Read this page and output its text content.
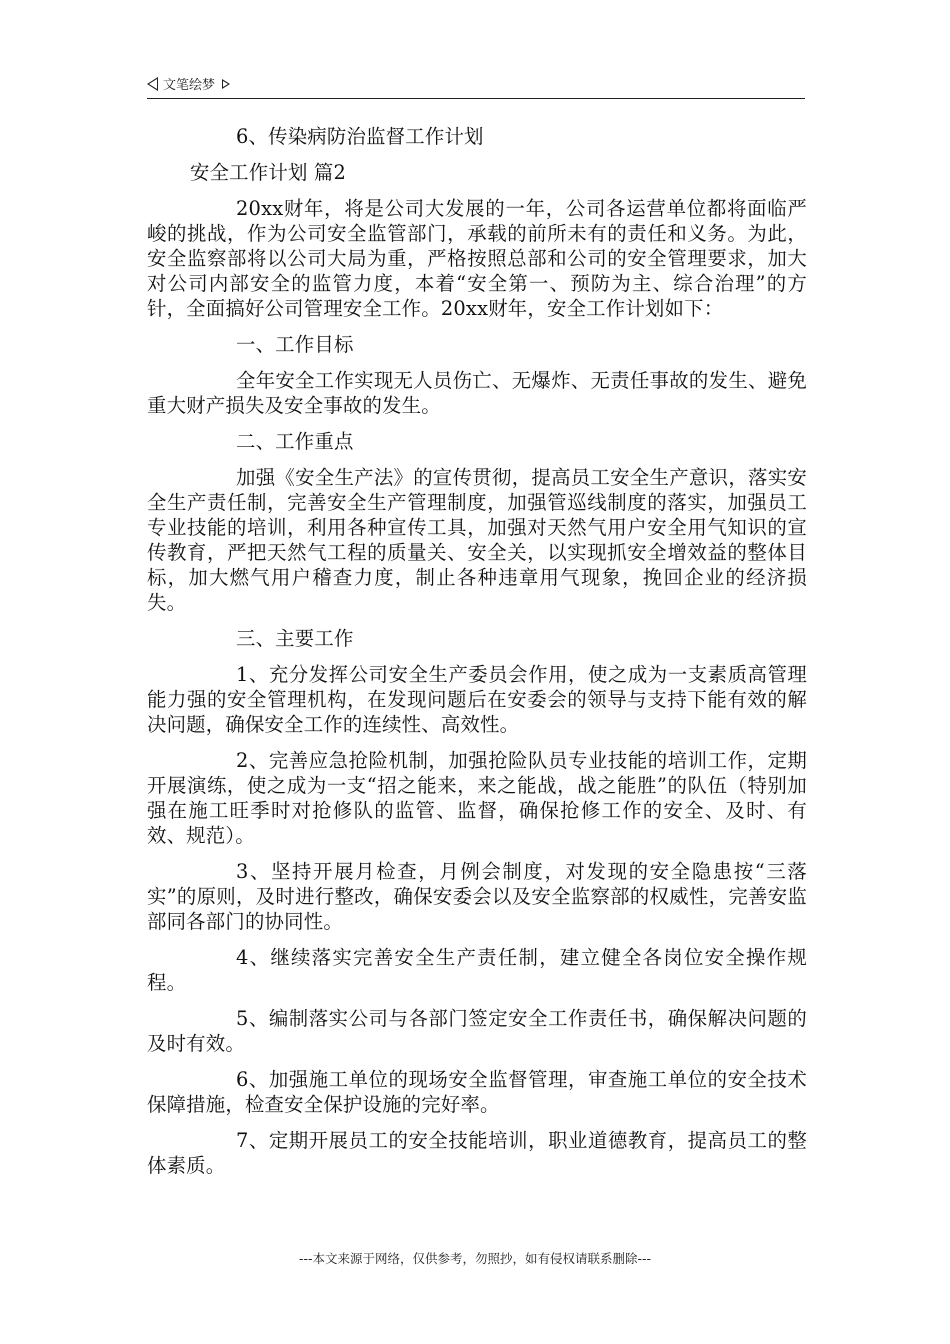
文笔绘梦

6、传染病防治监督工作计划

安全工作计划 篇2

20xx财年，将是公司大发展的一年，公司各运营单位都将面临严峻的挑战，作为公司安全监管部门，承载的前所未有的责任和义务。为此，安全监察部将以公司大局为重，严格按照总部和公司的安全管理要求，加大对公司内部安全的监管力度，本着“安全第一、预防为主、综合治理”的方针，全面搞好公司管理安全工作。20xx财年，安全工作计划如下：

一、工作目标

全年安全工作实现无人员伤亡、无爆炸、无责任事故的发生、避免重大财产损失及安全事故的发生。

二、工作重点

加强《安全生产法》的宣传贯彻，提高员工安全生产意识，落实安全生产责任制，完善安全生产管理制度，加强管巡线制度的落实，加强员工专业技能的培训，利用各种宣传工具，加强对天然气用户安全用气知识的宣传教育，严把天然气工程的质量关、安全关，以实现抓安全增效益的整体目标，加大燃气用户稽查力度，制止各种违章用气现象，挽回企业的经济损失。

三、主要工作

1、充分发挥公司安全生产委员会作用，使之成为一支素质高管理能力强的安全管理机构，在发现问题后在安委会的领导与支持下能有效的解决问题，确保安全工作的连续性、高效性。

2、完善应急抢险机制，加强抢险队员专业技能的培训工作，定期开展演练，使之成为一支“招之能来，来之能战，战之能胜”的队伍（特别加强在施工旺季时对抢修队的监管、监督，确保抢修工作的安全、及时、有效、规范）。

3、坚持开展月检查，月例会制度，对发现的安全隐患按“三落实”的原则，及时进行整改，确保安委会以及安全监察部的权威性，完善安监部同各部门的协同性。

4、继续落实完善安全生产责任制，建立健全各岗位安全操作规程。

5、编制落实公司与各部门签定安全工作责任书，确保解决问题的及时有效。

6、加强施工单位的现场安全监督管理，审查施工单位的安全技术保障措施，检查安全保护设施的完好率。

7、定期开展员工的安全技能培训，职业道德教育，提高员工的整体素质。

---本文来源于网络，仅供参考，勿照抄，如有侵权请联系删除---
